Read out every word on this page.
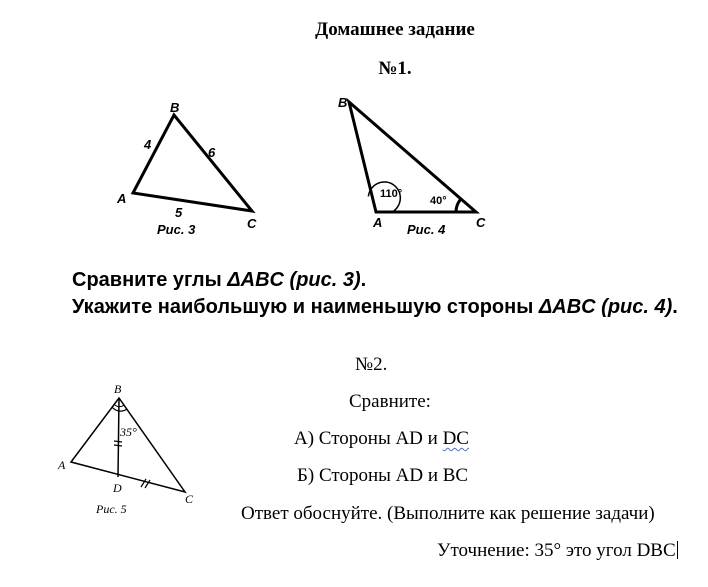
Домашнее задание
№1.
B
A
C
4
6
5
Рис. 3
B
A	C
110°
40°
Рис. 4
Сравните углы ΔABC (рис. 3).
Укажите наибольшую и наименьшую стороны ΔABC (рис. 4).
№2.
B
A
C
D
35°
Рис. 5
Сравните:
А) Стороны AD и DC
Б) Стороны AD и BC
Ответ обоснуйте. (Выполните как решение задачи)
Уточнение: 35° это угол DBC
